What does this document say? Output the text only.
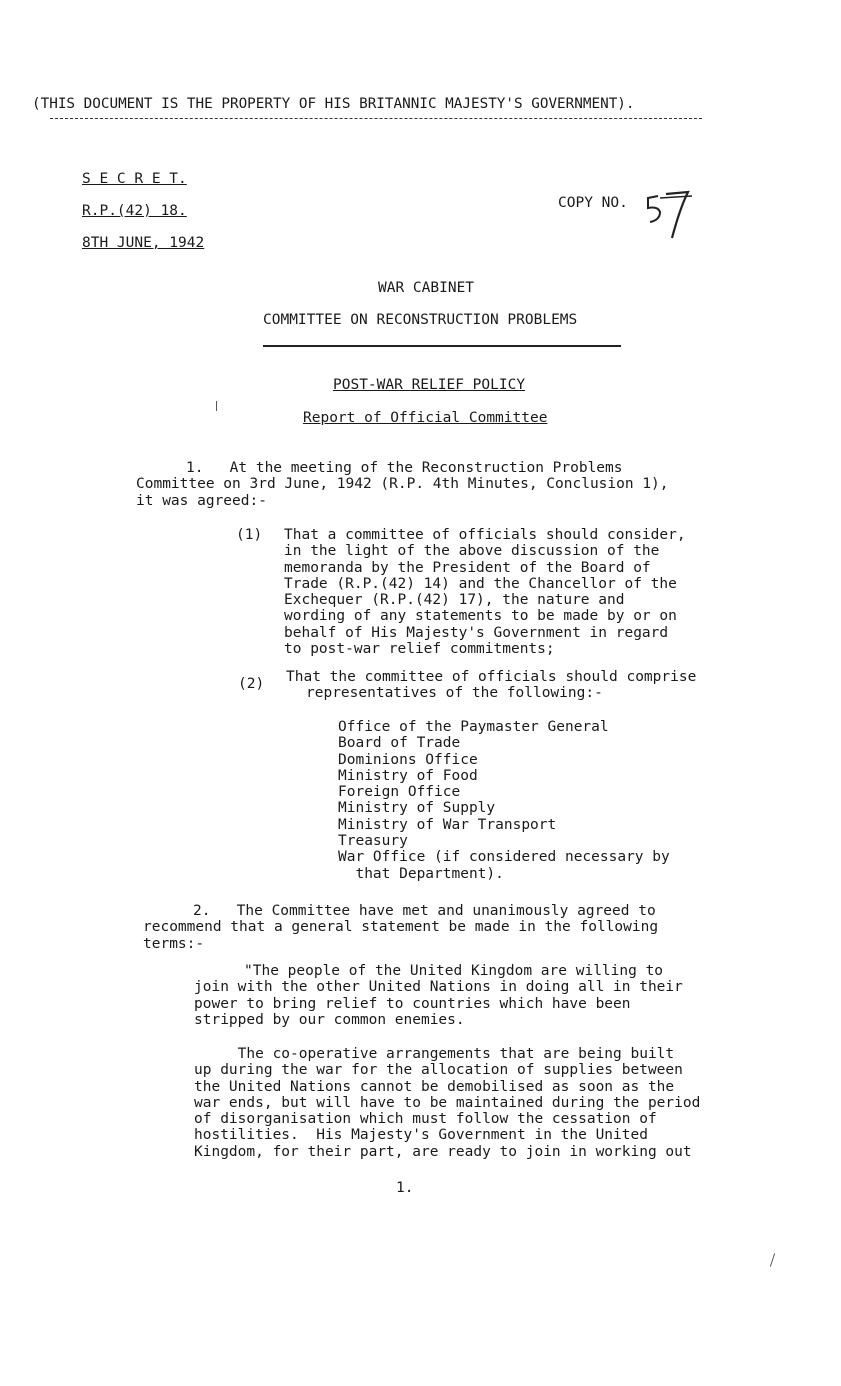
(THIS DOCUMENT IS THE PROPERTY OF HIS BRITANNIC MAJESTY'S GOVERNMENT).
S E C R E T.
R.P.(42) 18.
8TH JUNE, 1942
COPY NO.
WAR CABINET
COMMITTEE ON RECONSTRUCTION PROBLEMS
POST-WAR RELIEF POLICY
Report of Official Committee
1.   At the meeting of the Reconstruction Problems
Committee on 3rd June, 1942 (R.P. 4th Minutes, Conclusion 1),
it was agreed:-
(1) That a committee of officials should consider,
in the light of the above discussion of the
memoranda by the President of the Board of
Trade (R.P.(42) 14) and the Chancellor of the
Exchequer (R.P.(42) 17), the nature and
wording of any statements to be made by or on
behalf of His Majesty's Government in regard
to post-war relief commitments;
(2) That the committee of officials should comprise
representatives of the following:-
Office of the Paymaster General
Board of Trade
Dominions Office
Ministry of Food
Foreign Office
Ministry of Supply
Ministry of War Transport
Treasury
War Office (if considered necessary by
that Department).
2.   The Committee have met and unanimously agreed to
recommend that a general statement be made in the following
terms:-
"The people of the United Kingdom are willing to
join with the other United Nations in doing all in their
power to bring relief to countries which have been
stripped by our common enemies.
The co-operative arrangements that are being built
up during the war for the allocation of supplies between
the United Nations cannot be demobilised as soon as the
war ends, but will have to be maintained during the period
of disorganisation which must follow the cessation of
hostilities.  His Majesty's Government in the United
Kingdom, for their part, are ready to join in working out
1.
